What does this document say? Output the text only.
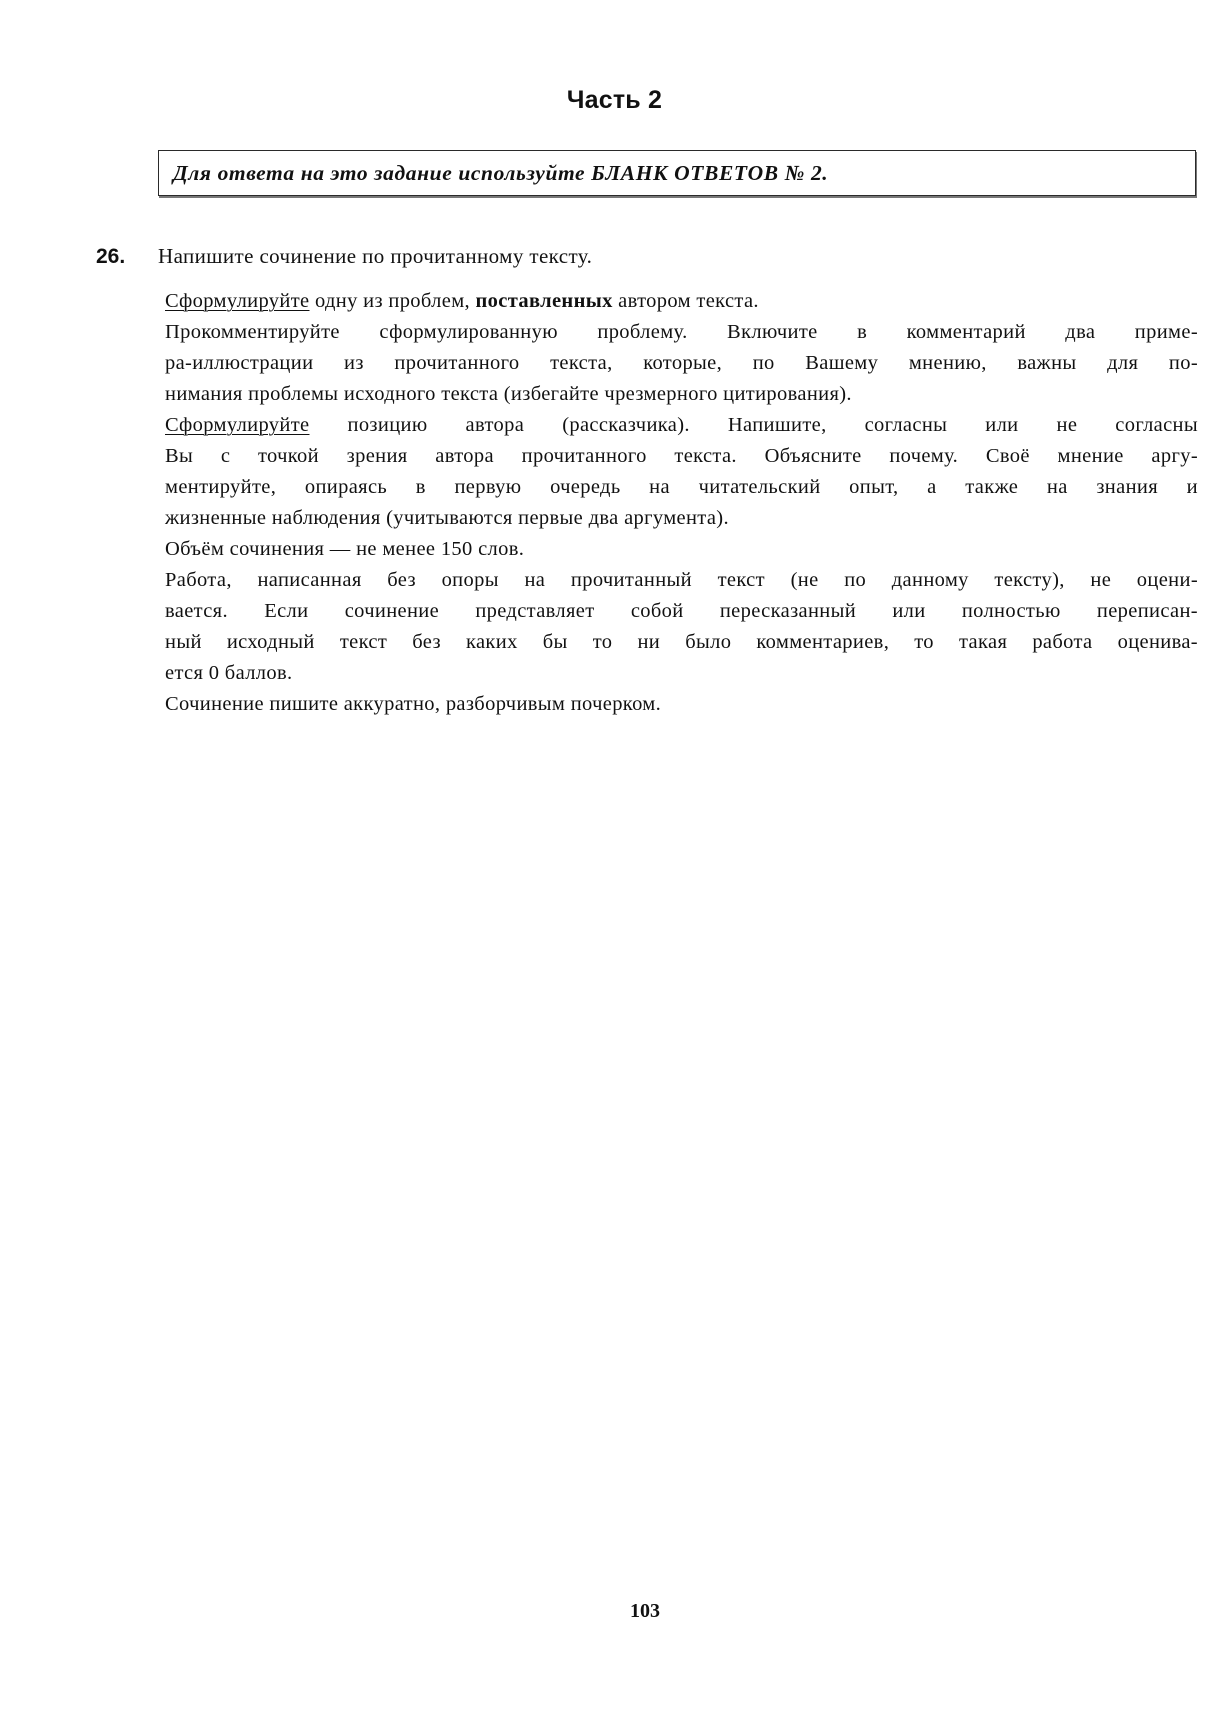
Часть 2
Для ответа на это задание используйте БЛАНК ОТВЕТОВ № 2.
26. Напишите сочинение по прочитанному тексту.

Сформулируйте одну из проблем, поставленных автором текста.

Прокомментируйте сформулированную проблему. Включите в комментарий два приме-
ра-иллюстрации из прочитанного текста, которые, по Вашему мнению, важны для по-
нимания проблемы исходного текста (избегайте чрезмерного цитирования).

Сформулируйте позицию автора (рассказчика). Напишите, согласны или не согласны
Вы с точкой зрения автора прочитанного текста. Объясните почему. Своё мнение аргу-
ментируйте, опираясь в первую очередь на читательский опыт, а также на знания и
жизненные наблюдения (учитываются первые два аргумента).

Объём сочинения — не менее 150 слов.

Работа, написанная без опоры на прочитанный текст (не по данному тексту), не оцени-
вается. Если сочинение представляет собой пересказанный или полностью переписан-
ный исходный текст без каких бы то ни было комментариев, то такая работа оценива-
ется 0 баллов.

Сочинение пишите аккуратно, разборчивым почерком.

103
